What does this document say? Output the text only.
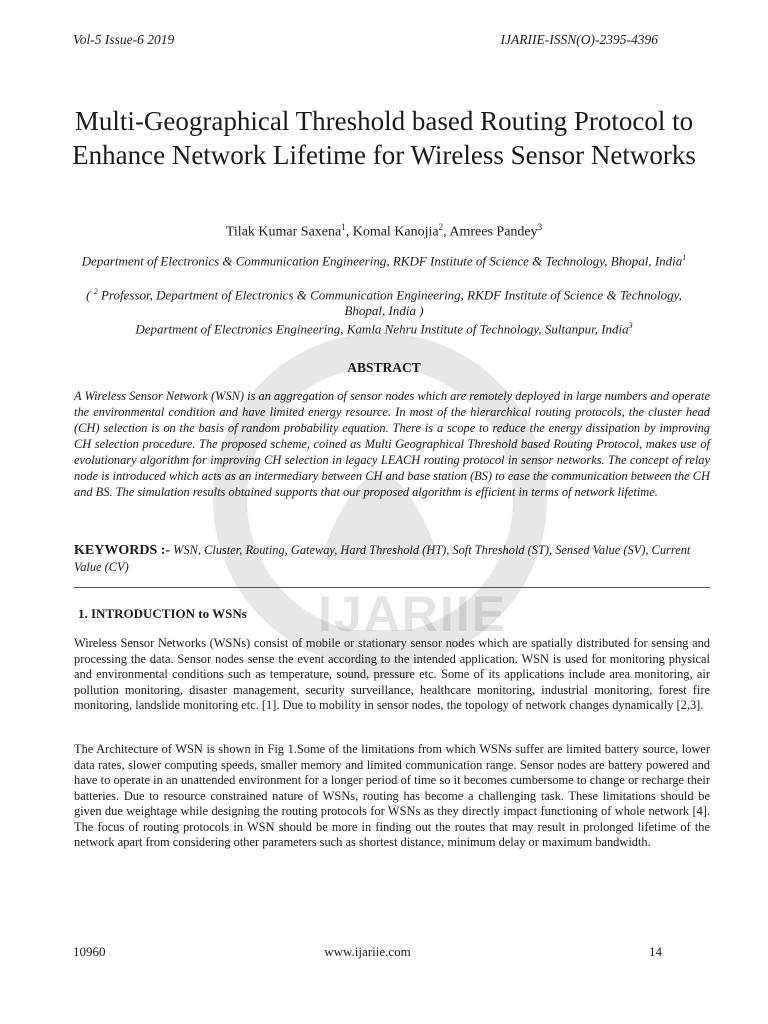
IJARIIE
Vol-5 Issue-6 2019	IJARIIE-ISSN(O)-2395-4396
Multi-Geographical Threshold based Routing Protocol to Enhance Network Lifetime for Wireless Sensor Networks
Tilak Kumar Saxena$^1$, Komal Kanojia$^2$, Amrees Pandey$^3$
Department of Electronics & Communication Engineering, RKDF Institute of Science & Technology, Bhopal, India$^1$
( $^2$ Professor, Department of Electronics & Communication Engineering, RKDF Institute of Science & Technology, Bhopal, India )
Department of Electronics Engineering, Kamla Nehru Institute of Technology, Sultanpur, India$^3$
ABSTRACT
A Wireless Sensor Network (WSN) is an aggregation of sensor nodes which are remotely deployed in large numbers and operate the environmental condition and have limited energy resource. In most of the hierarchical routing protocols, the cluster head (CH) selection is on the basis of random probability equation. There is a scope to reduce the energy dissipation by improving CH selection procedure. The proposed scheme, coined as Multi Geographical Threshold based Routing Protocol, makes use of evolutionary algorithm for improving CH selection in legacy LEACH routing protocol in sensor networks. The concept of relay node is introduced which acts as an intermediary between CH and base station (BS) to ease the communication between the CH and BS. The simulation results obtained supports that our proposed algorithm is efficient in terms of network lifetime.
KEYWORDS :- WSN, Cluster, Routing, Gateway, Hard Threshold (HT), Soft Threshold (ST), Sensed Value (SV), Current Value (CV)
1. INTRODUCTION to WSNs
Wireless Sensor Networks (WSNs) consist of mobile or stationary sensor nodes which are spatially distributed for sensing and processing the data. Sensor nodes sense the event according to the intended application. WSN is used for monitoring physical and environmental conditions such as temperature, sound, pressure etc. Some of its applications include area monitoring, air pollution monitoring, disaster management, security surveillance, healthcare monitoring, industrial monitoring, forest fire monitoring, landslide monitoring etc. [1]. Due to mobility in sensor nodes, the topology of network changes dynamically [2,3].
The Architecture of WSN is shown in Fig 1.Some of the limitations from which WSNs suffer are limited battery source, lower data rates, slower computing speeds, smaller memory and limited communication range. Sensor nodes are battery powered and have to operate in an unattended environment for a longer period of time so it becomes cumbersome to change or recharge their batteries. Due to resource constrained nature of WSNs, routing has become a challenging task. These limitations should be given due weightage while designing the routing protocols for WSNs as they directly impact functioning of whole network [4]. The focus of routing protocols in WSN should be more in finding out the routes that may result in prolonged lifetime of the network apart from considering other parameters such as shortest distance, minimum delay or maximum bandwidth.
10960	www.ijariie.com	14
